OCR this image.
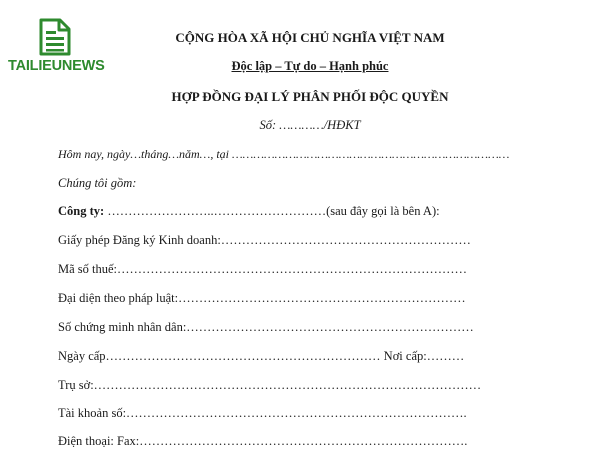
TAILIEUNEWS
CỘNG HÒA XÃ HỘI CHỦ NGHĨA VIỆT NAM
Độc lập – Tự do – Hạnh phúc
HỢP ĐỒNG ĐẠI LÝ PHÂN PHỐI ĐỘC QUYỀN
Số: …………/HĐKT
Hôm nay, ngày…tháng…năm…, tại ……………………………………………………………………
Chúng tôi gồm:
Công ty: ……………………..………………………(sau đây gọi là bên A):
Giấy phép Đăng ký Kinh doanh:……………………………………………………
Mã số thuế:…………………………………………………………………………
Đại diện theo pháp luật:……………………………………………………………
Số chứng minh nhân dân:……………………………………………………………
Ngày cấp………………………………………………………… Nơi cấp:………
Trụ sở:…………………………………………………………………………………
Tài khoản số:……………………………………………………………………….
Điện thoại: Fax:…………………………………………………………………….
